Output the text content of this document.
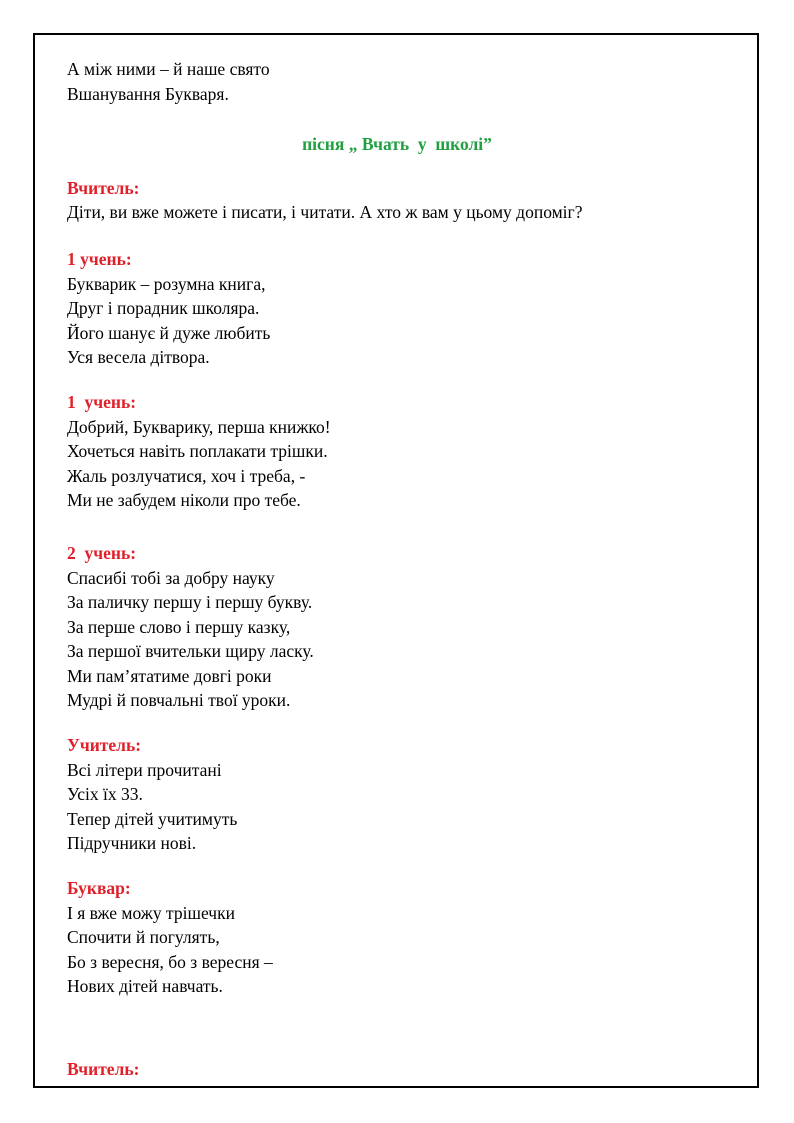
А між ними – й наше свято
Вшанування Букваря.
пісня „ Вчать  у  школі”
Вчитель:
Діти, ви вже можете і писати, і читати. А хто ж вам у цьому допоміг?
1 учень:
Букварик – розумна книга,
Друг і порадник школяра.
Його шанує й дуже любить
Уся весела дітвора.
1  учень:
Добрий, Букварику, перша книжко!
Хочеться навіть поплакати трішки.
Жаль розлучатися, хоч і треба, -
Ми не забудем ніколи про тебе.
2  учень:
Спасибі тобі за добру науку
За паличку першу і першу букву.
За перше слово і першу казку,
За першої вчительки щиру ласку.
Ми пам’ятатиме довгі роки
Мудрі й повчальні твої уроки.
Учитель:
Всі літери прочитані
Усіх їх 33.
Тепер дітей учитимуть
Підручники нові.
Буквар:
І я вже можу трішечки
Спочити й погулять,
Бо з вересня, бо з вересня –
Нових дітей навчать.
Вчитель:
